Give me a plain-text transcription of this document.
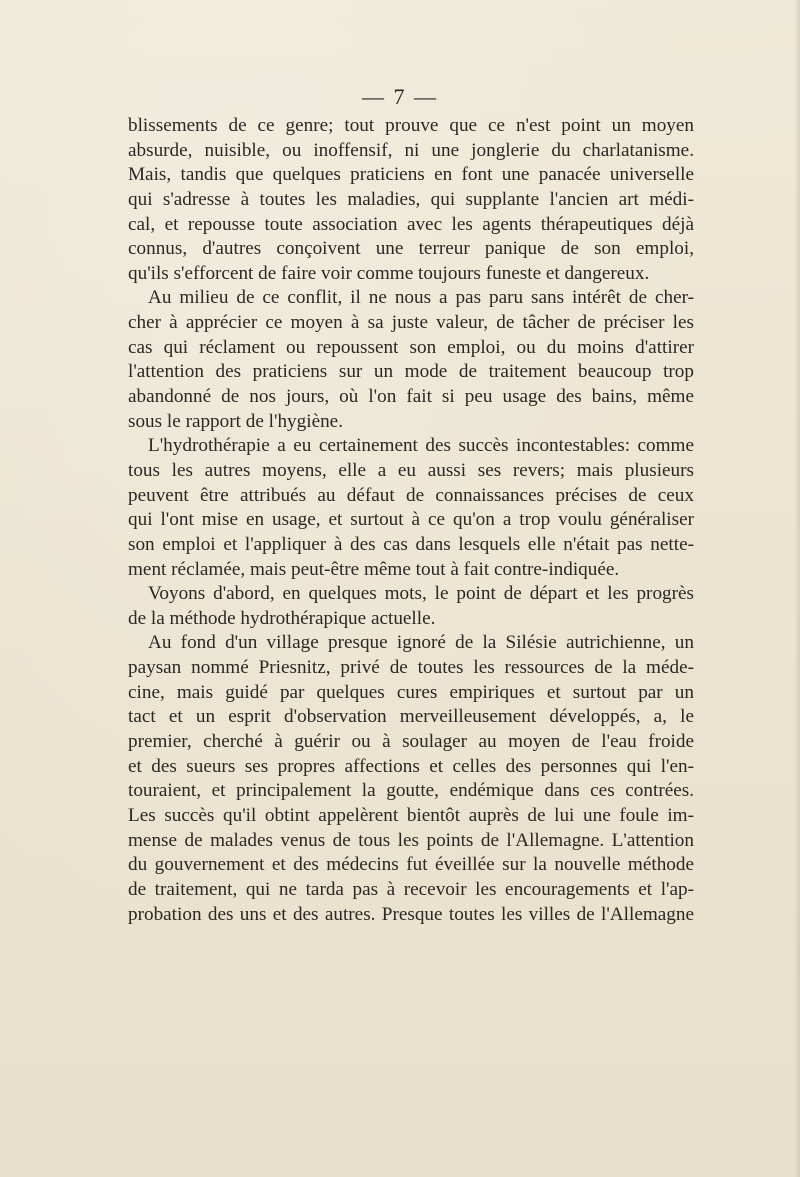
— 7 —
blissements de ce genre; tout prouve que ce n'est point un moyen
absurde, nuisible, ou inoffensif, ni une jonglerie du charlatanisme.
Mais, tandis que quelques praticiens en font une panacée universelle
qui s'adresse à toutes les maladies, qui supplante l'ancien art médi-
cal, et repousse toute association avec les agents thérapeutiques déjà
connus, d'autres conçoivent une terreur panique de son emploi,
qu'ils s'efforcent de faire voir comme toujours funeste et dangereux.
Au milieu de ce conflit, il ne nous a pas paru sans intérêt de cher-
cher à apprécier ce moyen à sa juste valeur, de tâcher de préciser les
cas qui réclament ou repoussent son emploi, ou du moins d'attirer
l'attention des praticiens sur un mode de traitement beaucoup trop
abandonné de nos jours, où l'on fait si peu usage des bains, même
sous le rapport de l'hygiène.
L'hydrothérapie a eu certainement des succès incontestables: comme
tous les autres moyens, elle a eu aussi ses revers; mais plusieurs
peuvent être attribués au défaut de connaissances précises de ceux
qui l'ont mise en usage, et surtout à ce qu'on a trop voulu généraliser
son emploi et l'appliquer à des cas dans lesquels elle n'était pas nette-
ment réclamée, mais peut-être même tout à fait contre-indiquée.
Voyons d'abord, en quelques mots, le point de départ et les progrès
de la méthode hydrothérapique actuelle.
Au fond d'un village presque ignoré de la Silésie autrichienne, un
paysan nommé Priesnitz, privé de toutes les ressources de la méde-
cine, mais guidé par quelques cures empiriques et surtout par un
tact et un esprit d'observation merveilleusement développés, a, le
premier, cherché à guérir ou à soulager au moyen de l'eau froide
et des sueurs ses propres affections et celles des personnes qui l'en-
touraient, et principalement la goutte, endémique dans ces contrées.
Les succès qu'il obtint appelèrent bientôt auprès de lui une foule im-
mense de malades venus de tous les points de l'Allemagne. L'attention
du gouvernement et des médecins fut éveillée sur la nouvelle méthode
de traitement, qui ne tarda pas à recevoir les encouragements et l'ap-
probation des uns et des autres. Presque toutes les villes de l'Allemagne
